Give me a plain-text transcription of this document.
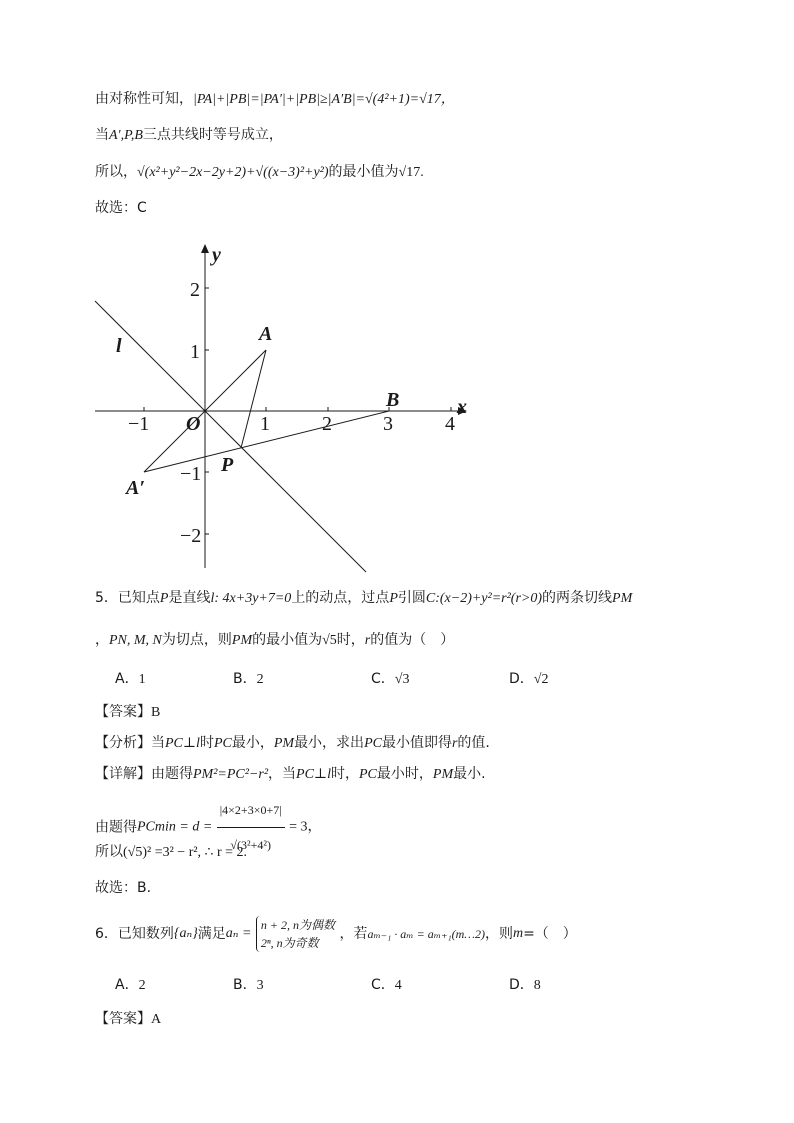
由对称性可知，|PA|+|PB|=|PA′|+|PB|≥|A′B|=√(4²+1)=√17，
当A′,P,B三点共线时等号成立，
所以，√(x²+y²−2x−2y+2)+√((x−3)²+y²)的最小值为√17.
故选：C
−1	1	2	3	4
2
1
−1
−2
y
x
l
A
B
O
P
A′
5．已知点P是直线l: 4x+3y+7=0上的动点，过点P引圆C:(x−2)+y²=r²(r>0)的两条切线PM
，PN, M, N为切点，则PM的最小值为√5时，r的值为（　）
A．1	B．2	C．√3	D．√2
【答案】B
【分析】当PC⊥l时PC最小，PM最小，求出PC最小值即得r的值.
【详解】由题得PM²=PC²−r²，当PC⊥l时，PC最小时，PM最小.
由题得$PCmin = d = \frac{|4\times 2+3\times 0+7|}{\text{√(3²+4²)}} = 3$，
所以(√5)² =3² − r², ∴ r = 2.
故选：B.
6．已知数列{aₙ}满足aₙ = n + 2, n为偶数
2ⁿ, n为奇数 ，若aₘ₋₁ · aₘ = aₘ₊₁(m…2)，则m=（　）
A．2	B．3	C．4	D．8
【答案】A
